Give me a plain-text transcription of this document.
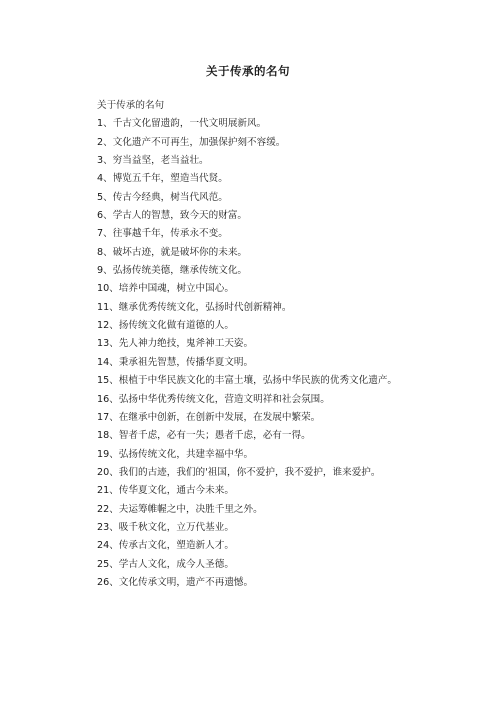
关于传承的名句
关于传承的名句
1、千古文化留遗韵，一代文明展新风。
2、文化遗产不可再生，加强保护刻不容缓。
3、穷当益坚，老当益壮。
4、博览五千年，塑造当代贤。
5、传古今经典，树当代风范。
6、学古人的智慧，致今天的财富。
7、往事越千年，传承永不变。
8、破坏古迹，就是破坏你的未来。
9、弘扬传统美德，继承传统文化。
10、培养中国魂，树立中国心。
11、继承优秀传统文化，弘扬时代创新精神。
12、扬传统文化做有道德的人。
13、先人神力绝技，鬼斧神工天姿。
14、秉承祖先智慧，传播华夏文明。
15、根植于中华民族文化的丰富土壤，弘扬中华民族的优秀文化遗产。
16、弘扬中华优秀传统文化，营造文明祥和社会氛围。
17、在继承中创新，在创新中发展，在发展中繁荣。
18、智者千虑，必有一失；愚者千虑，必有一得。
19、弘扬传统文化，共建幸福中华。
20、我们的古迹，我们的'祖国，你不爱护，我不爱护，谁来爱护。
21、传华夏文化，通古今未来。
22、夫运筹帷幄之中，决胜千里之外。
23、吸千秋文化，立万代基业。
24、传承古文化，塑造新人才。
25、学古人文化，成今人圣德。
26、文化传承文明，遗产不再遗憾。
